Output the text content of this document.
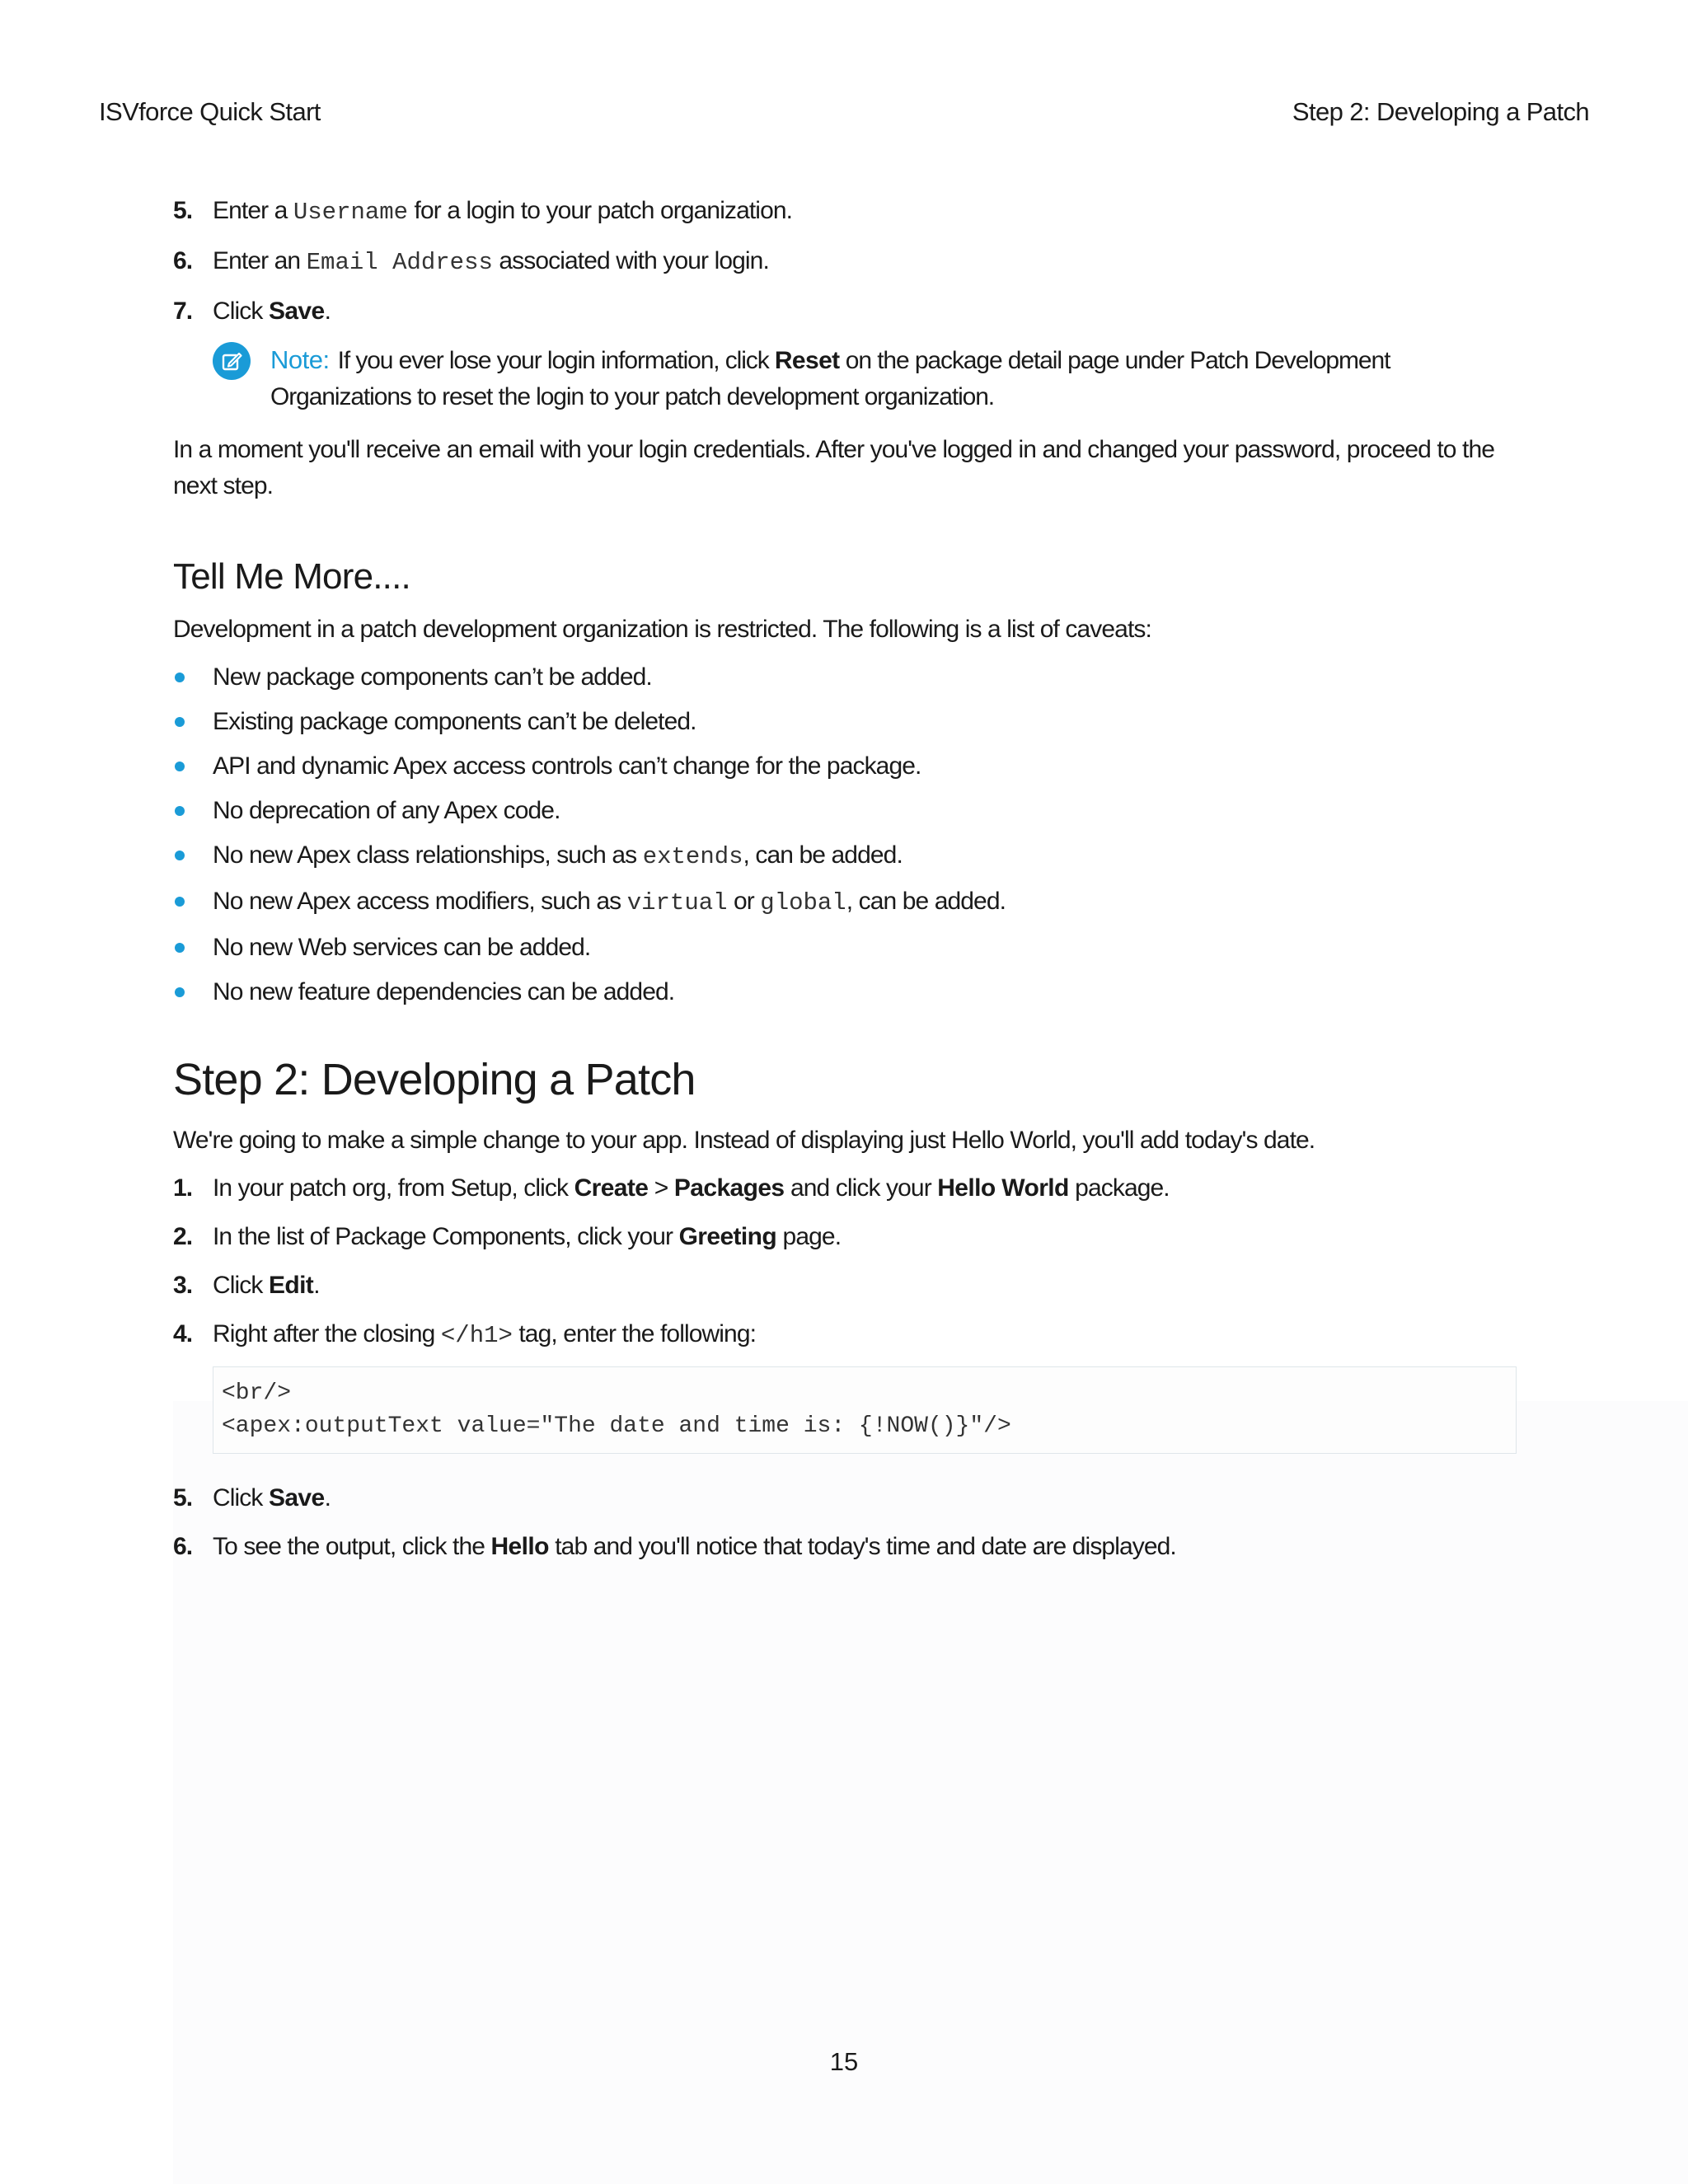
ISVforce Quick Start	Step 2: Developing a Patch
5. Enter a Username for a login to your patch organization.
6. Enter an Email Address associated with your login.
7. Click Save.
Note: If you ever lose your login information, click Reset on the package detail page under Patch Development Organizations to reset the login to your patch development organization.

In a moment you'll receive an email with your login credentials. After you've logged in and changed your password, proceed to the next step.

Tell Me More....

Development in a patch development organization is restricted. The following is a list of caveats:

New package components can’t be added.
Existing package components can’t be deleted.
API and dynamic Apex access controls can’t change for the package.
No deprecation of any Apex code.
No new Apex class relationships, such as extends, can be added.
No new Apex access modifiers, such as virtual or global, can be added.
No new Web services can be added.
No new feature dependencies can be added.
Step 2: Developing a Patch

We're going to make a simple change to your app. Instead of displaying just Hello World, you'll add today's date.

1. In your patch org, from Setup, click Create > Packages and click your Hello World package.
2. In the list of Package Components, click your Greeting page.
3. Click Edit.
4. Right after the closing </h1> tag, enter the following:
<br/>
<apex:outputText value="The date and time is: {!NOW()}"/>
5. Click Save.
6. To see the output, click the Hello tab and you'll notice that today's time and date are displayed.
15
